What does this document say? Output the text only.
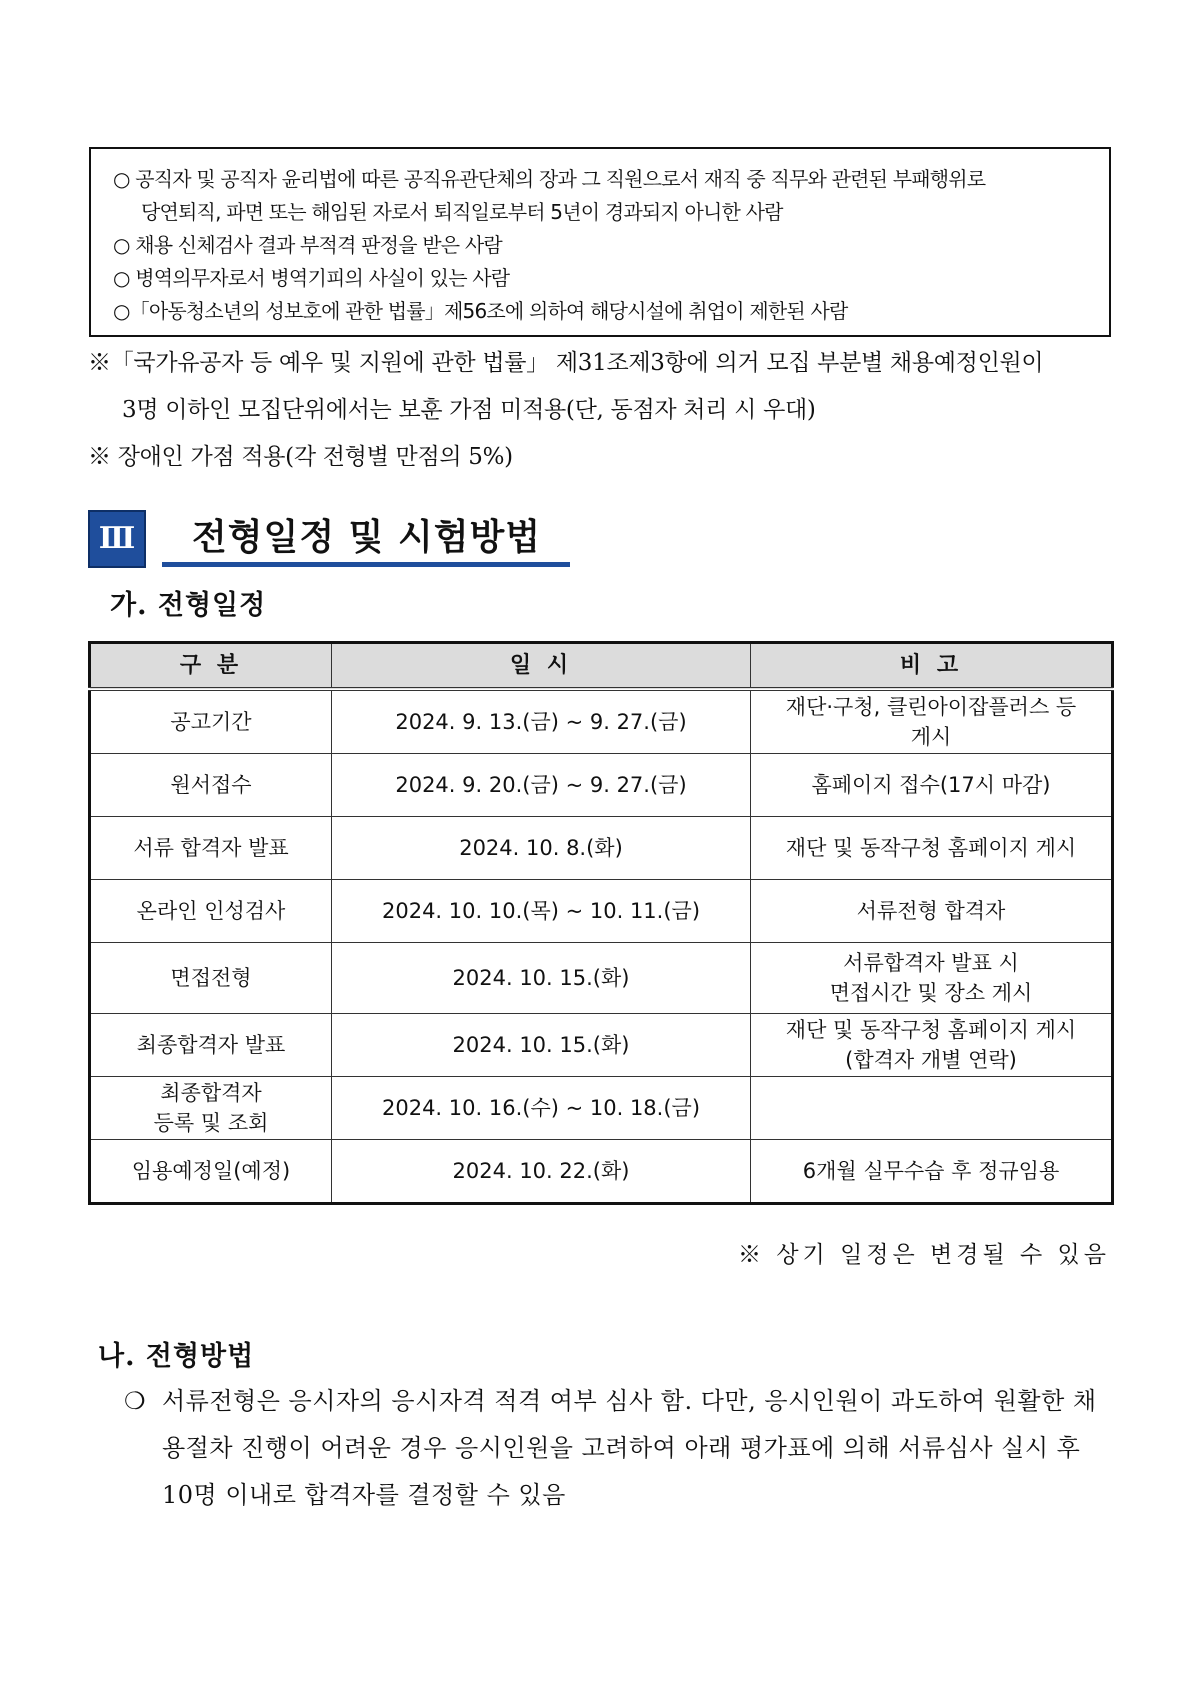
○ 공직자 및 공직자 윤리법에 따른 공직유관단체의 장과 그 직원으로서 재직 중 직무와 관련된 부패행위로
당연퇴직, 파면 또는 해임된 자로서 퇴직일로부터 5년이 경과되지 아니한 사람
○ 채용 신체검사 결과 부적격 판정을 받은 사람
○ 병역의무자로서 병역기피의 사실이 있는 사람
○「아동청소년의 성보호에 관한 법률」제56조에 의하여 해당시설에 취업이 제한된 사람
※「국가유공자 등 예우 및 지원에 관한 법률」 제31조제3항에 의거 모집 부분별 채용예정인원이
3명 이하인 모집단위에서는 보훈 가점 미적용(단, 동점자 처리 시 우대)
※ 장애인 가점 적용(각 전형별 만점의 5%)
Ⅲ 전형일정 및 시험방법
가. 전형일정
구 분	일 시	비 고
공고기간	2024. 9. 13.(금) ~ 9. 27.(금)	재단·구청, 클린아이잡플러스 등
게시
원서접수	2024. 9. 20.(금) ~ 9. 27.(금)	홈페이지 접수(17시 마감)
서류 합격자 발표	2024. 10. 8.(화)	재단 및 동작구청 홈페이지 게시
온라인 인성검사	2024. 10. 10.(목) ~ 10. 11.(금)	서류전형 합격자
면접전형	2024. 10. 15.(화)	서류합격자 발표 시
면접시간 및 장소 게시
최종합격자 발표	2024. 10. 15.(화)	재단 및 동작구청 홈페이지 게시
(합격자 개별 연락)
최종합격자
등록 및 조회	2024. 10. 16.(수) ~ 10. 18.(금)	
임용예정일(예정)	2024. 10. 22.(화)	6개월 실무수습 후 정규임용
※ 상기 일정은 변경될 수 있음
나. 전형방법
❍ 서류전형은 응시자의 응시자격 적격 여부 심사 함. 다만, 응시인원이 과도하여 원활한 채용절차 진행이 어려운 경우 응시인원을 고려하여 아래 평가표에 의해 서류심사 실시 후 10명 이내로 합격자를 결정할 수 있음
